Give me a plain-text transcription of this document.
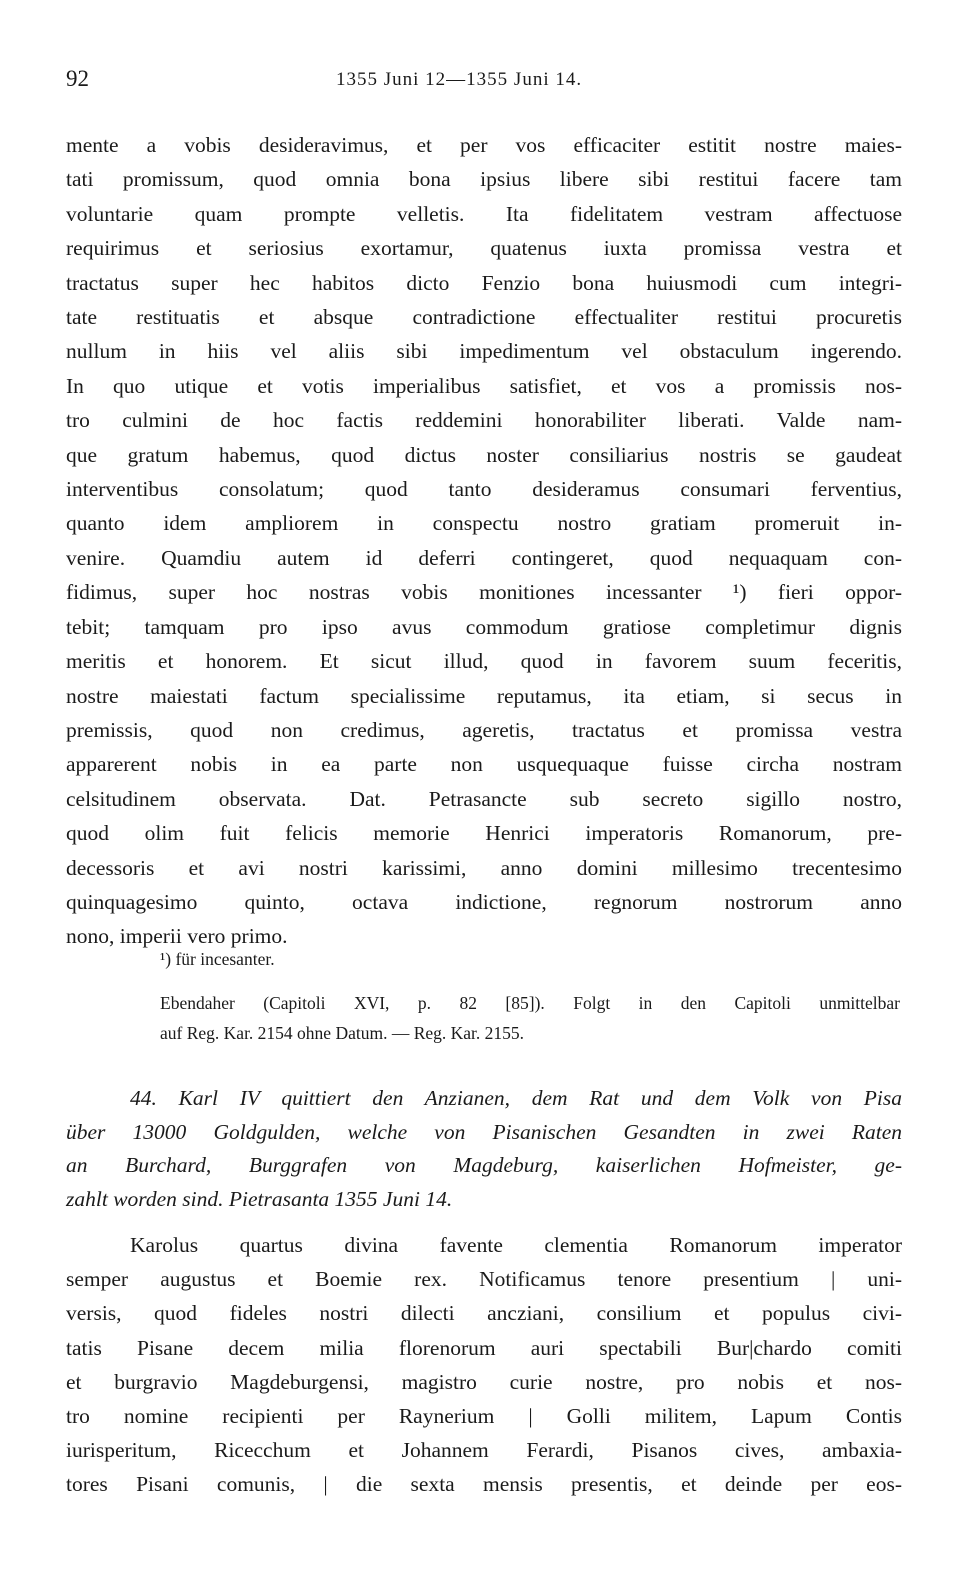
92	1355 Juni 12—1355 Juni 14.
mente a vobis desideravimus, et per vos efficaciter estitit nostre maies-
tati promissum, quod omnia bona ipsius libere sibi restitui facere tam
voluntarie quam prompte velletis. Ita fidelitatem vestram affectuose
requirimus et seriosius exortamur, quatenus iuxta promissa vestra et
tractatus super hec habitos dicto Fenzio bona huiusmodi cum integri-
tate restituatis et absque contradictione effectualiter restitui procuretis
nullum in hiis vel aliis sibi impedimentum vel obstaculum ingerendo.
In quo utique et votis imperialibus satisfiet, et vos a promissis nos-
tro culmini de hoc factis reddemini honorabiliter liberati. Valde nam-
que gratum habemus, quod dictus noster consiliarius nostris se gaudeat
interventibus consolatum; quod tanto desideramus consumari ferventius,
quanto idem ampliorem in conspectu nostro gratiam promeruit in-
venire. Quamdiu autem id deferri contingeret, quod nequaquam con-
fidimus, super hoc nostras vobis monitiones incessanter ¹) fieri oppor-
tebit; tamquam pro ipso avus commodum gratiose completimur dignis
meritis et honorem. Et sicut illud, quod in favorem suum feceritis,
nostre maiestati factum specialissime reputamus, ita etiam, si secus in
premissis, quod non credimus, ageretis, tractatus et promissa vestra
apparerent nobis in ea parte non usquequaque fuisse circha nostram
celsitudinem observata. Dat. Petrasancte sub secreto sigillo nostro,
quod olim fuit felicis memorie Henrici imperatoris Romanorum, pre-
decessoris et avi nostri karissimi, anno domini millesimo trecentesimo
quinquagesimo quinto, octava indictione, regnorum nostrorum anno
nono, imperii vero primo.
¹) für incesanter.
Ebendaher (Capitoli XVI, p. 82 [85]). Folgt in den Capitoli unmittelbar
auf Reg. Kar. 2154 ohne Datum. — Reg. Kar. 2155.
44. Karl IV quittiert den Anzianen, dem Rat und dem Volk von Pisa
über 13000 Goldgulden, welche von Pisanischen Gesandten in zwei Raten
an Burchard, Burggrafen von Magdeburg, kaiserlichen Hofmeister, ge-
zahlt worden sind. Pietrasanta 1355 Juni 14.
Karolus quartus divina favente clementia Romanorum imperator
semper augustus et Boemie rex. Notificamus tenore presentium | uni-
versis, quod fideles nostri dilecti ancziani, consilium et populus civi-
tatis Pisane decem milia florenorum auri spectabili Bur|chardo comiti
et burgravio Magdeburgensi, magistro curie nostre, pro nobis et nos-
tro nomine recipienti per Raynerium | Golli militem, Lapum Contis
iurisperitum, Ricecchum et Johannem Ferardi, Pisanos cives, ambaxia-
tores Pisani comunis, | die sexta mensis presentis, et deinde per eos-
